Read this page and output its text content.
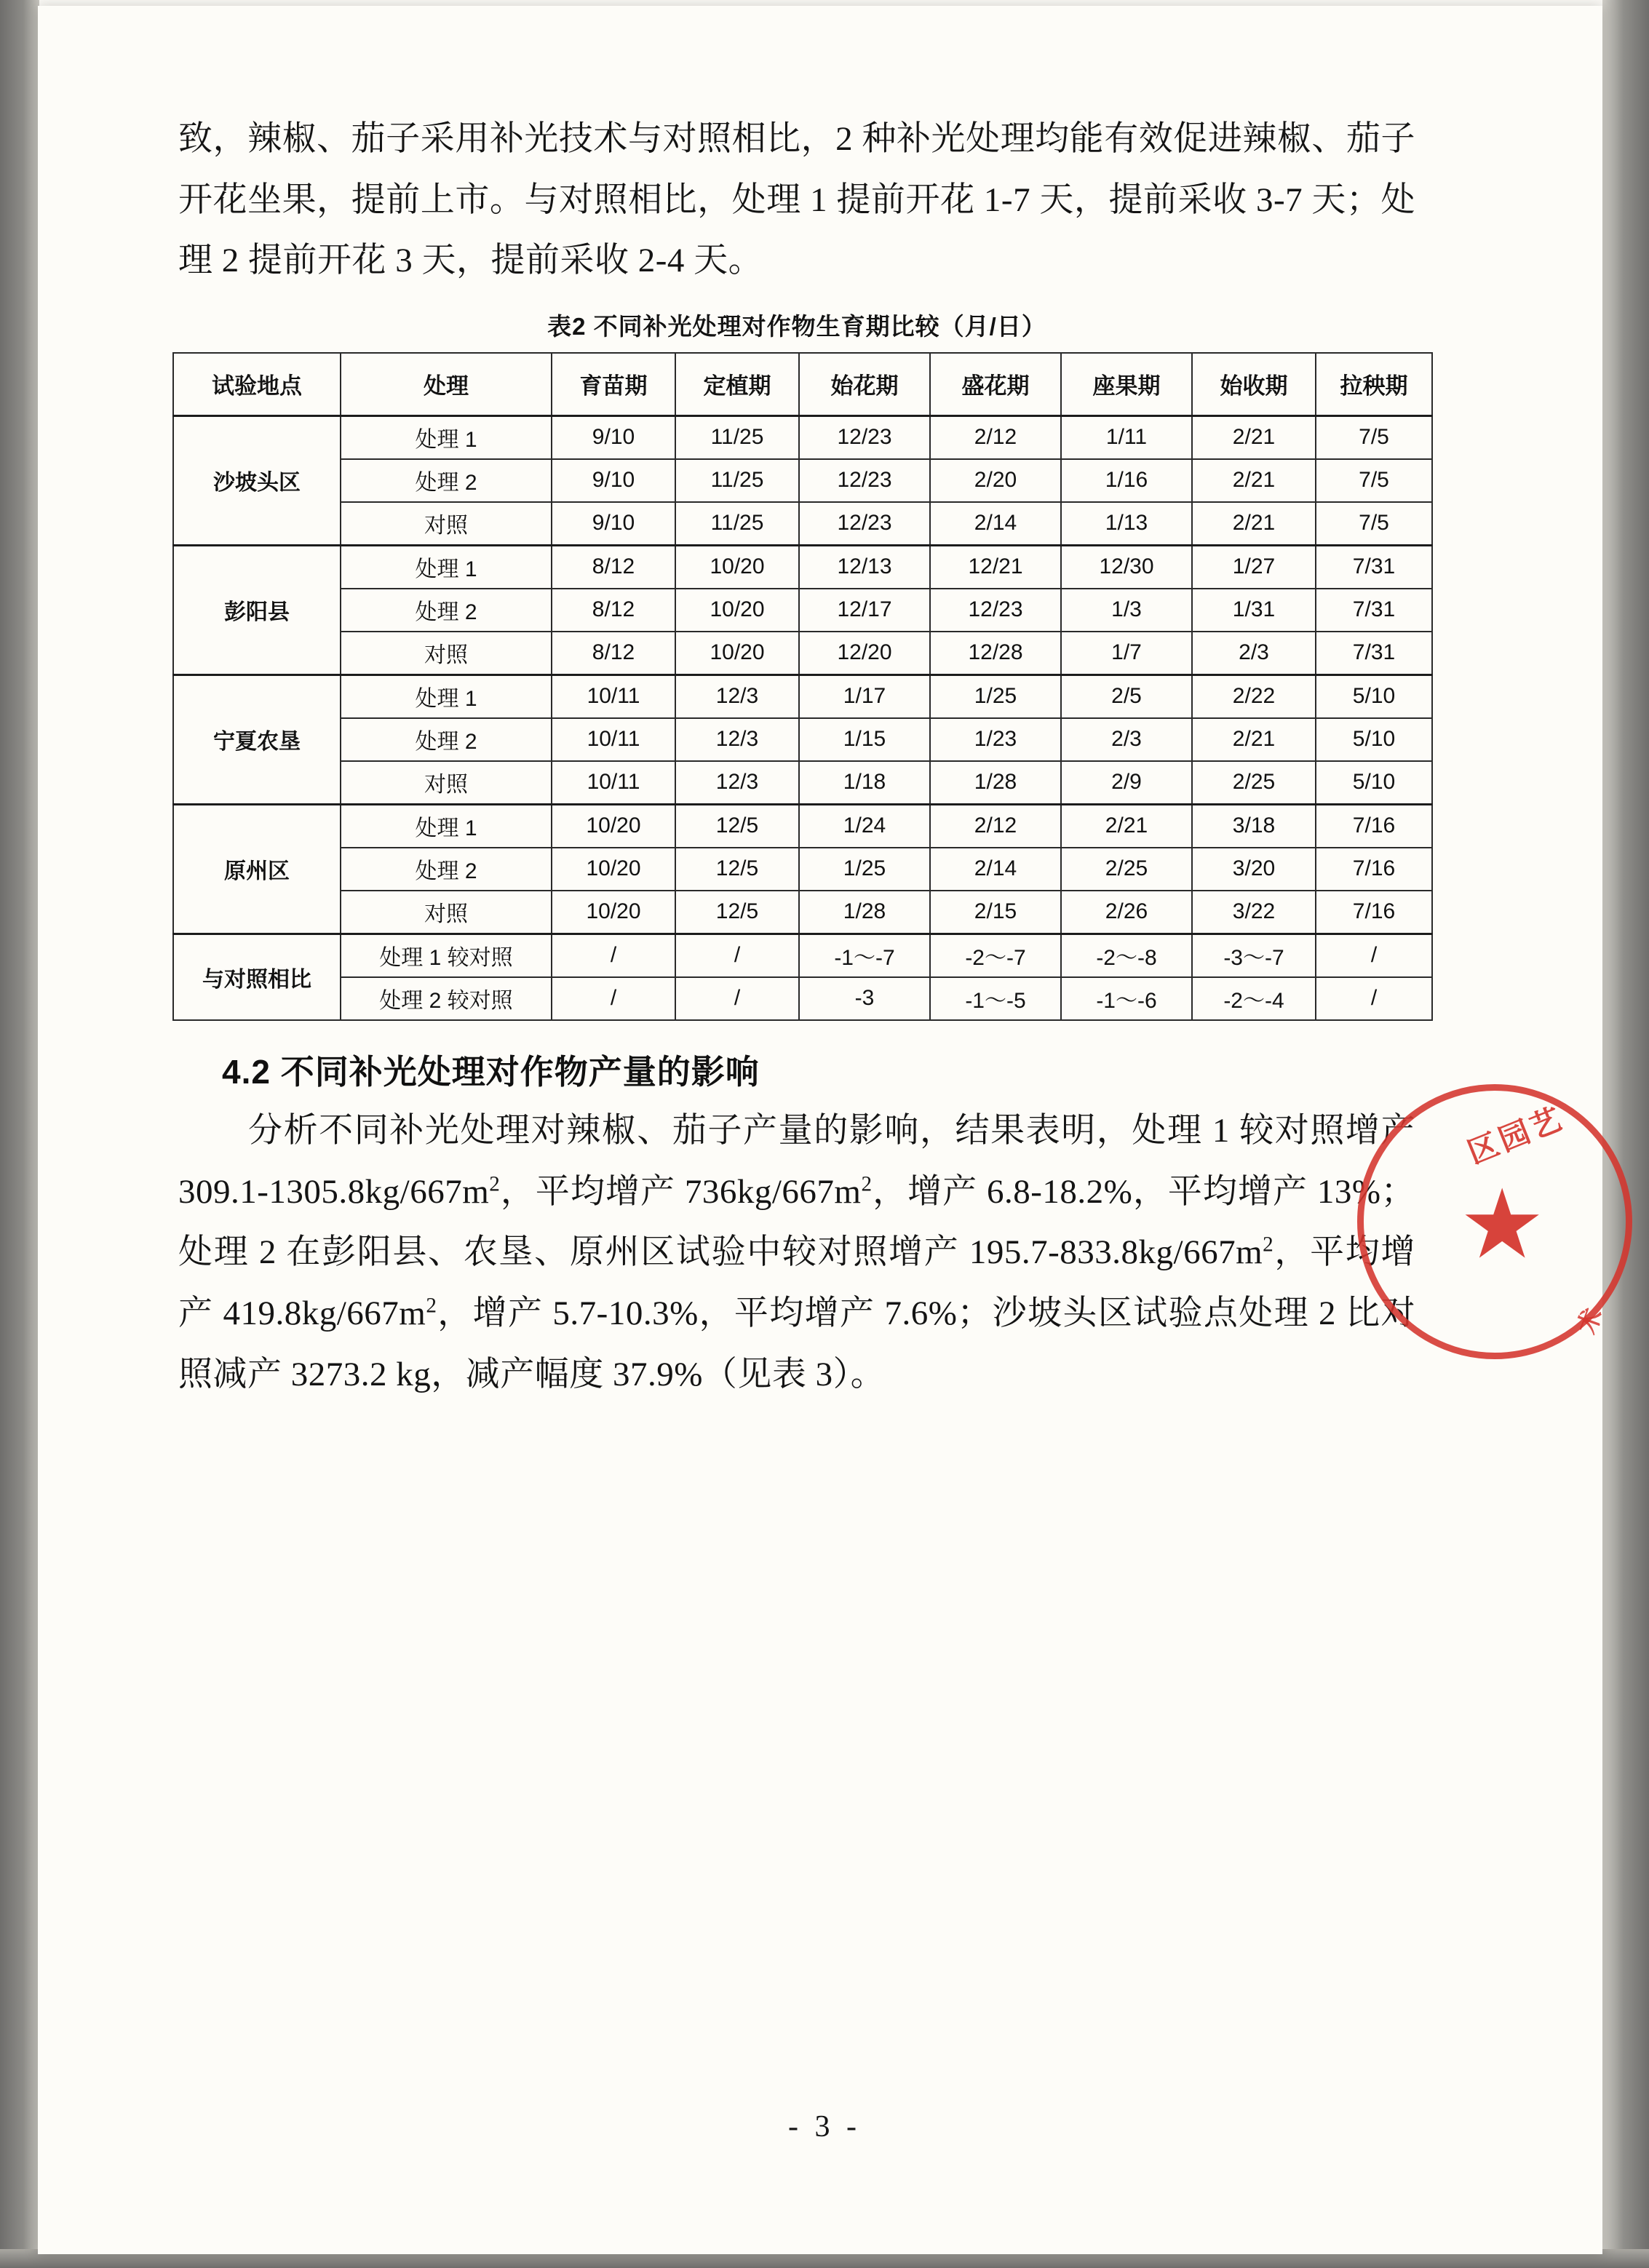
致，辣椒、茄子采用补光技术与对照相比，2 种补光处理均能有效促进辣椒、茄子开花坐果，提前上市。与对照相比，处理 1 提前开花 1-7 天，提前采收 3-7 天；处理 2 提前开花 3 天，提前采收 2-4 天。

表2 不同补光处理对作物生育期比较（月/日）
试验地点	处理	育苗期	定植期	始花期	盛花期	座果期	始收期	拉秧期
沙坡头区	处理 1	9/10	11/25	12/23	2/12	1/11	2/21	7/5
	处理 2	9/10	11/25	12/23	2/20	1/16	2/21	7/5
	对照	9/10	11/25	12/23	2/14	1/13	2/21	7/5
彭阳县	处理 1	8/12	10/20	12/13	12/21	12/30	1/27	7/31
	处理 2	8/12	10/20	12/17	12/23	1/3	1/31	7/31
	对照	8/12	10/20	12/20	12/28	1/7	2/3	7/31
宁夏农垦	处理 1	10/11	12/3	1/17	1/25	2/5	2/22	5/10
	处理 2	10/11	12/3	1/15	1/23	2/3	2/21	5/10
	对照	10/11	12/3	1/18	1/28	2/9	2/25	5/10
原州区	处理 1	10/20	12/5	1/24	2/12	2/21	3/18	7/16
	处理 2	10/20	12/5	1/25	2/14	2/25	3/20	7/16
	对照	10/20	12/5	1/28	2/15	2/26	3/22	7/16
与对照相比	处理 1 较对照	/	/	-1～-7	-2～-7	-2～-8	-3～-7	/
	处理 2 较对照	/	/	-3	-1～-5	-1～-6	-2～-4	/
4.2 不同补光处理对作物产量的影响

分析不同补光处理对辣椒、茄子产量的影响，结果表明，处理 1 较对照增产 $309.1-1305.8kg/667m^2$，平均增产 $736kg/667m^2$，增产 6.8-18.2%，平均增产 13%；处理 2 在彭阳县、农垦、原州区试验中较对照增产 $195.7-833.8kg/667m^2$，平均增产 $419.8kg/667m^2$，增产 5.7-10.3%，平均增产 7.6%；沙坡头区试验点处理 2 比对照减产 3273.2 kg，减产幅度 37.9%（见表 3）。

区园艺
★
术
- 3 -
